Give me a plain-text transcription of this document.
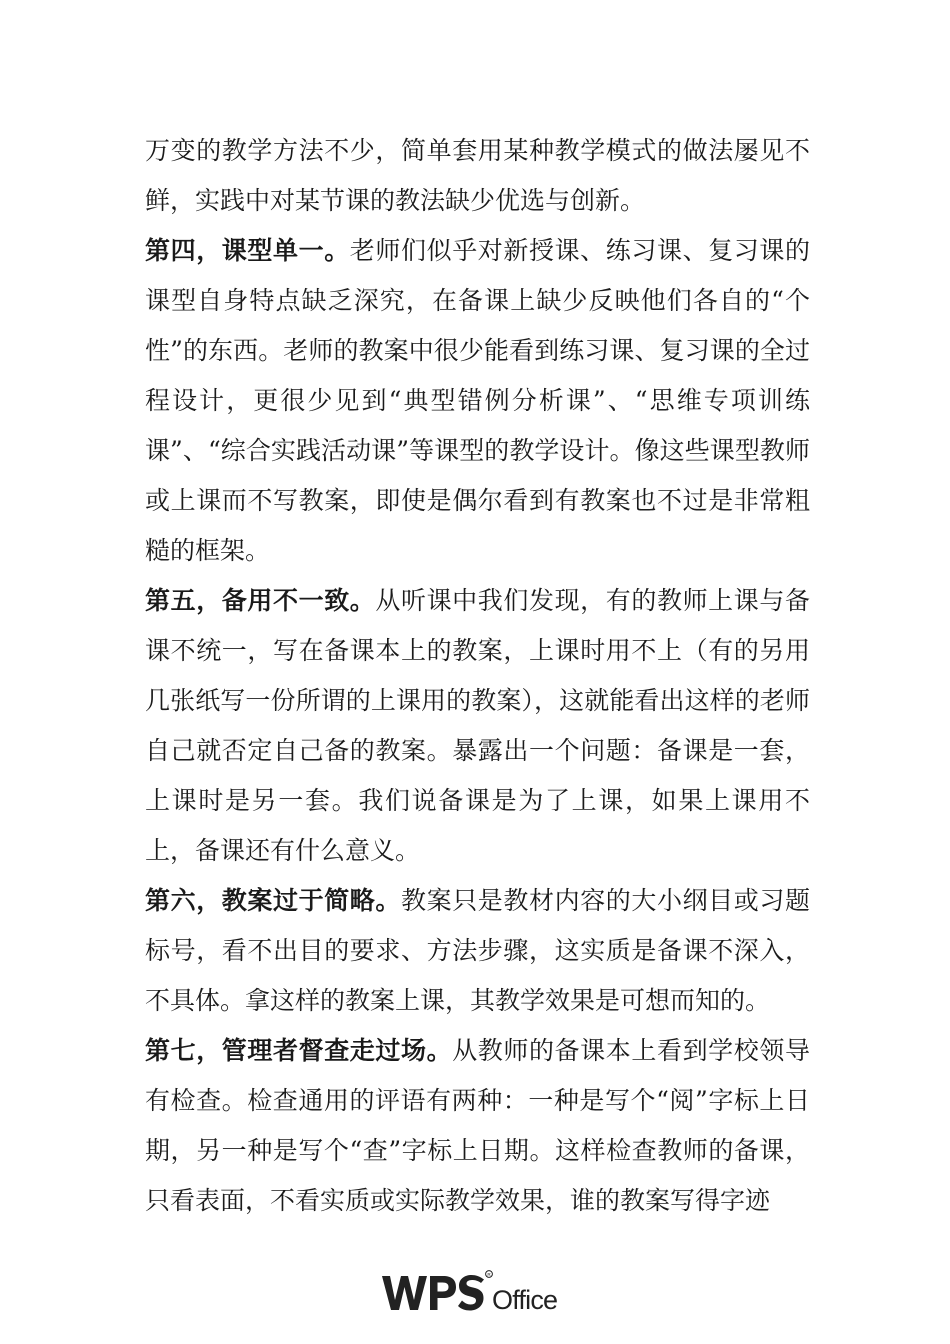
万变的教学方法不少，简单套用某种教学模式的做法屡见不鲜，实践中对某节课的教法缺少优选与创新。

第四，课型单一。老师们似乎对新授课、练习课、复习课的课型自身特点缺乏深究，在备课上缺少反映他们各自的“个性”的东西。老师的教案中很少能看到练习课、复习课的全过程设计，更很少见到“典型错例分析课”、“思维专项训练课”、“综合实践活动课”等课型的教学设计。像这些课型教师或上课而不写教案，即使是偶尔看到有教案也不过是非常粗糙的框架。

第五，备用不一致。从听课中我们发现，有的教师上课与备课不统一，写在备课本上的教案，上课时用不上（有的另用几张纸写一份所谓的上课用的教案），这就能看出这样的老师自己就否定自己备的教案。暴露出一个问题：备课是一套，上课时是另一套。我们说备课是为了上课，如果上课用不上，备课还有什么意义。

第六，教案过于简略。教案只是教材内容的大小纲目或习题标号，看不出目的要求、方法步骤，这实质是备课不深入，不具体。拿这样的教案上课，其教学效果是可想而知的。

第七，管理者督查走过场。从教师的备课本上看到学校领导有检查。检查通用的评语有两种：一种是写个“阅”字标上日期，另一种是写个“查”字标上日期。这样检查教师的备课，只看表面，不看实质或实际教学效果，谁的教案写得字迹

R
Office
